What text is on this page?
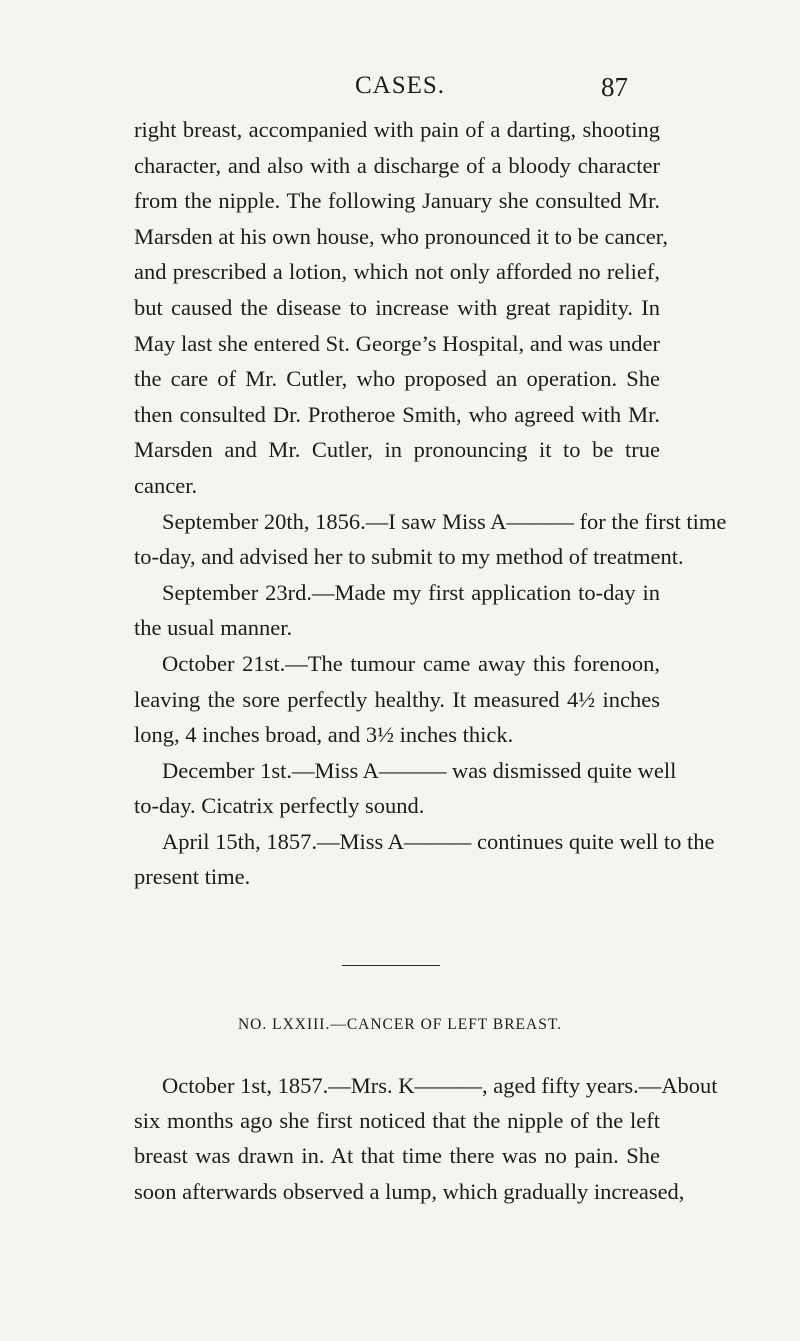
CASES.	87
right breast, accompanied with pain of a darting, shooting
character, and also with a discharge of a bloody character
from the nipple. The following January she consulted Mr.
Marsden at his own house, who pronounced it to be cancer,
and prescribed a lotion, which not only afforded no relief,
but caused the disease to increase with great rapidity. In
May last she entered St. George’s Hospital, and was under
the care of Mr. Cutler, who proposed an operation. She
then consulted Dr. Protheroe Smith, who agreed with Mr.
Marsden and Mr. Cutler, in pronouncing it to be true
cancer.
September 20th, 1856.—I saw Miss A——— for the first time
to-day, and advised her to submit to my method of treatment.
September 23rd.—Made my first application to-day in
the usual manner.
October 21st.—The tumour came away this forenoon,
leaving the sore perfectly healthy. It measured 4½ inches
long, 4 inches broad, and 3½ inches thick.
December 1st.—Miss A——— was dismissed quite well
to-day. Cicatrix perfectly sound.
April 15th, 1857.—Miss A——— continues quite well to the
present time.
NO. LXXIII.—CANCER OF LEFT BREAST.
October 1st, 1857.—Mrs. K———, aged fifty years.—About
six months ago she first noticed that the nipple of the left
breast was drawn in. At that time there was no pain. She
soon afterwards observed a lump, which gradually increased,
